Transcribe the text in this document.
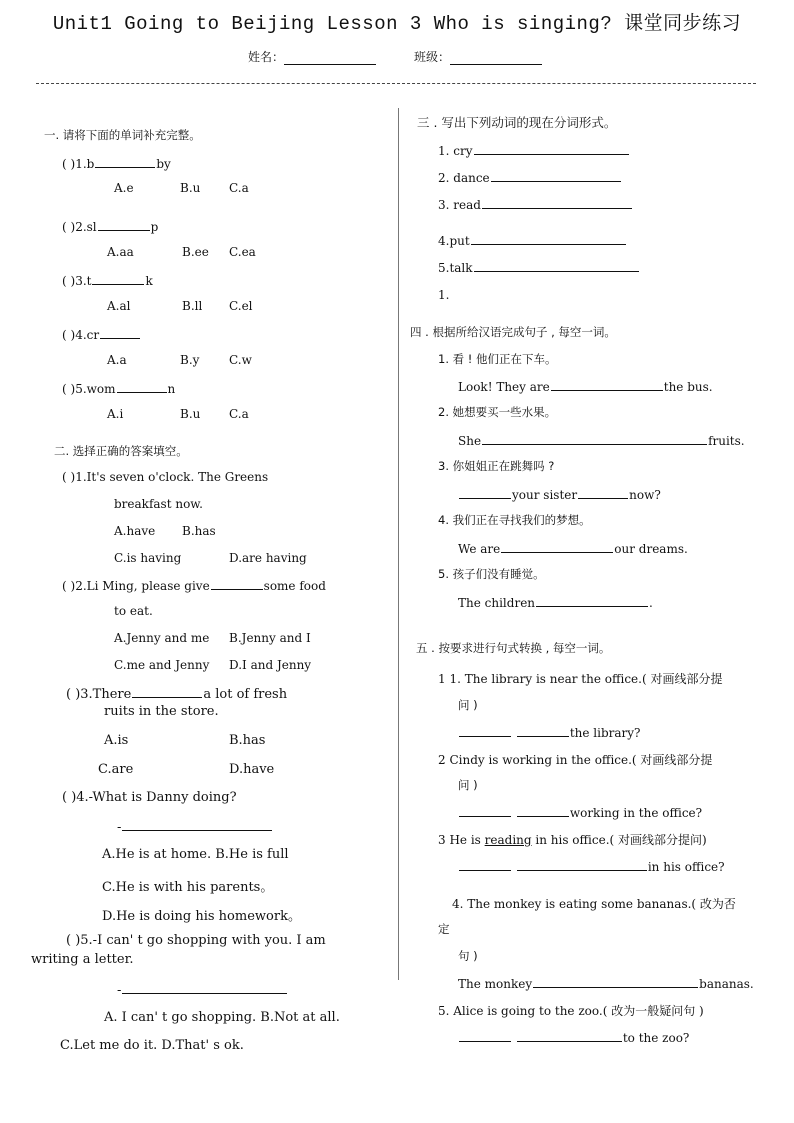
Unit1 Going to Beijing Lesson 3 Who is singing? 课堂同步练习
姓名：	班级：
一. 请将下面的单词补充完整。
( )1.b	by
A.e	B.u C.a
( )2.sl	p
A.aa	B.ee C.ea
( )3.t	k
A.al	B.ll C.el
( )4.cr
A.a	B.y C.w
( )5.wom	n
A.i	B.u C.a
二. 选择正确的答案填空。
( )1.It's seven o'clock. The Greens
breakfast now.
A.have B.has
C.is having	D.are having
( )2.Li Ming, please give	some food
to eat.
A.Jenny and me B.Jenny and I
C.me and Jenny D.I and Jenny
( )3.There	a lot of fresh
ruits in the store.
A.is	B.has
C.are	D.have
( )4.-What is Danny doing?
-
A.He is at home. B.He is full
C.He is with his parents。
D.He is doing his homework。
( )5.-I can' t go shopping with you. I am
writing a letter.
-
A. I can' t go shopping. B.Not at all.
C.Let me do it. D.That' s ok.
三 . 写出下列动词的现在分词形式。
1. cry
2. dance
3. read
4.put
5.talk
1.
四 . 根据所给汉语完成句子 , 每空一词。
1. 看 ! 他们正在下车。
Look! They are	the bus.
2. 她想要买一些水果。
She	fruits.
3. 你姐姐正在跳舞吗 ?
your sister	now?
4. 我们正在寻找我们的梦想。
We are	our dreams.
5. 孩子们没有睡觉。
The children	.
五 . 按要求进行句式转换 , 每空一词。
1 1. The library is near the office.( 对画线部分提
问 )
the library?
2 Cindy is working in the office.( 对画线部分提
问 )
working in the office?
3 He is reading in his office.( 对画线部分提问)
in his office?
4. The monkey is eating some bananas.( 改为否
定
句 )
The monkey	bananas.
5. Alice is going to the zoo.( 改为一般疑问句 )
to the zoo?
